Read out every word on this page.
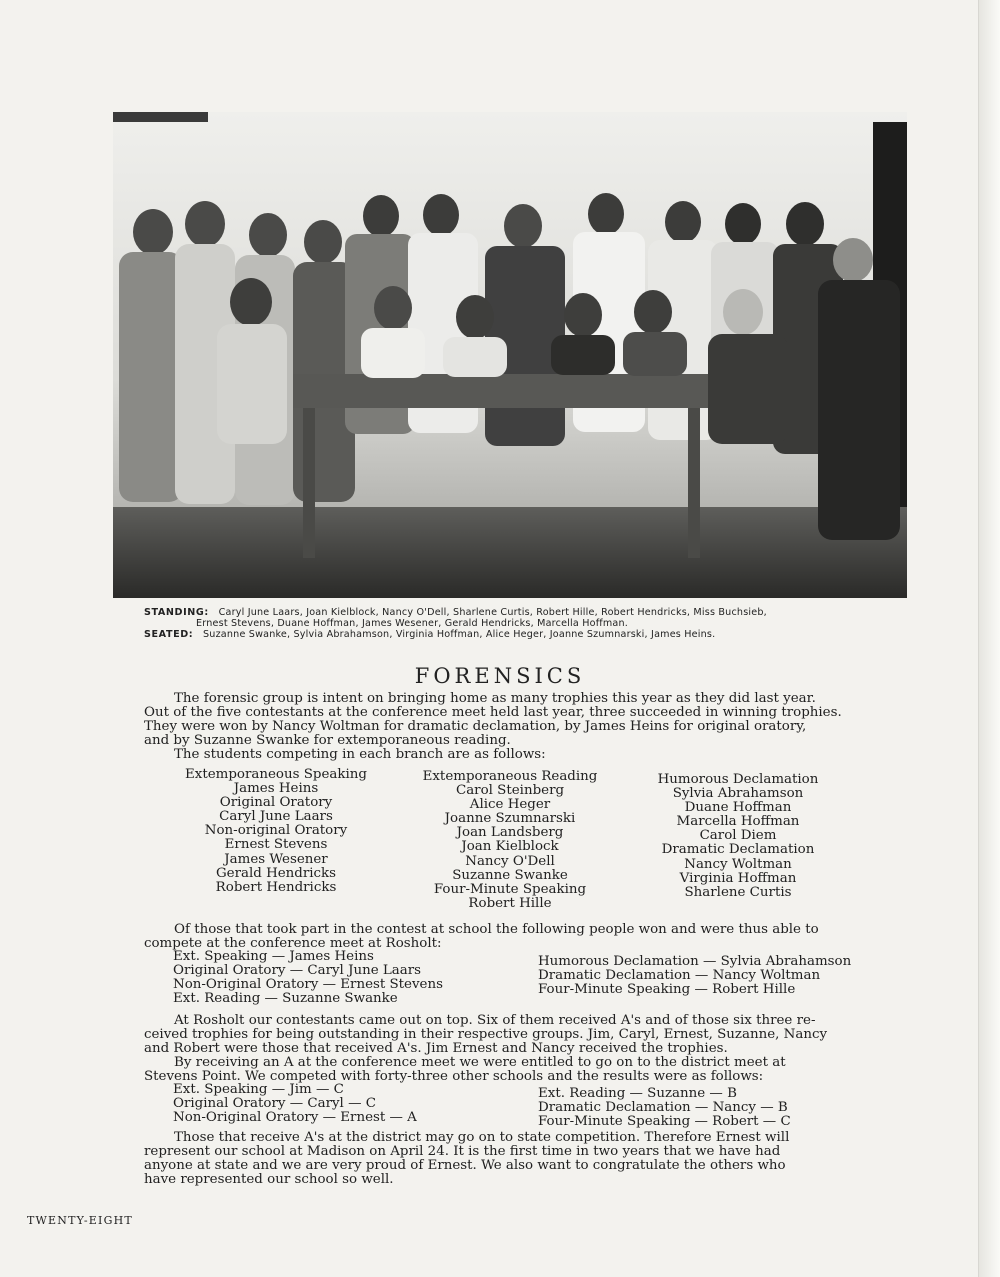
STANDING: Caryl June Laars, Joan Kielblock, Nancy O'Dell, Sharlene Curtis, Robert Hille, Robert Hendricks, Miss Buchsieb,
Ernest Stevens, Duane Hoffman, James Wesener, Gerald Hendricks, Marcella Hoffman.
SEATED: Suzanne Swanke, Sylvia Abrahamson, Virginia Hoffman, Alice Heger, Joanne Szumnarski, James Heins.
FORENSICS
The forensic group is intent on bringing home as many trophies this year as they did last year.
Out of the five contestants at the conference meet held last year, three succeeded in winning trophies.
They were won by Nancy Woltman for dramatic declamation, by James Heins for original oratory,
and by Suzanne Swanke for extemporaneous reading.
The students competing in each branch are as follows:
Extemporaneous Speaking
James Heins
Original Oratory
Caryl June Laars
Non-original Oratory
Ernest Stevens
James Wesener
Gerald Hendricks
Robert Hendricks
Extemporaneous Reading
Carol Steinberg
Alice Heger
Joanne Szumnarski
Joan Landsberg
Joan Kielblock
Nancy O'Dell
Suzanne Swanke
Four-Minute Speaking
Robert Hille
Humorous Declamation
Sylvia Abrahamson
Duane Hoffman
Marcella Hoffman
Carol Diem
Dramatic Declamation
Nancy Woltman
Virginia Hoffman
Sharlene Curtis
Of those that took part in the contest at school the following people won and were thus able to
compete at the conference meet at Rosholt:
Ext. Speaking — James Heins
Original Oratory — Caryl June Laars
Non-Original Oratory — Ernest Stevens
Ext. Reading — Suzanne Swanke
Humorous Declamation — Sylvia Abrahamson
Dramatic Declamation — Nancy Woltman
Four-Minute Speaking — Robert Hille
At Rosholt our contestants came out on top. Six of them received A's and of those six three re-
ceived trophies for being outstanding in their respective groups. Jim, Caryl, Ernest, Suzanne, Nancy
and Robert were those that received A's. Jim Ernest and Nancy received the trophies.
By receiving an A at the conference meet we were entitled to go on to the district meet at
Stevens Point. We competed with forty-three other schools and the results were as follows:
Ext. Speaking — Jim — C
Original Oratory — Caryl — C
Non-Original Oratory — Ernest — A
Ext. Reading — Suzanne — B
Dramatic Declamation — Nancy — B
Four-Minute Speaking — Robert — C
Those that receive A's at the district may go on to state competition. Therefore Ernest will
represent our school at Madison on April 24. It is the first time in two years that we have had
anyone at state and we are very proud of Ernest. We also want to congratulate the others who
have represented our school so well.
TWENTY-EIGHT
